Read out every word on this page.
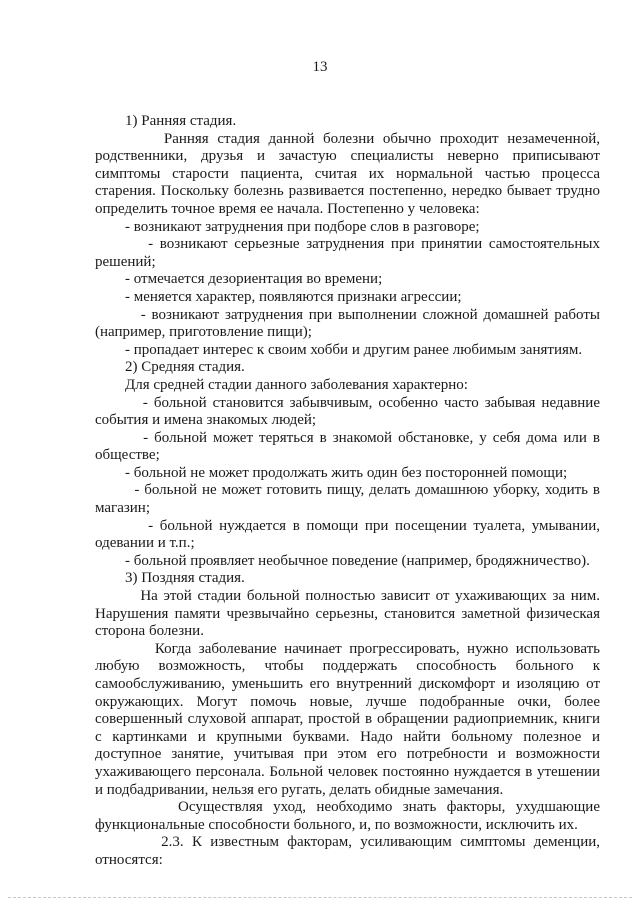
13
1) Ранняя стадия.
Ранняя стадия данной болезни обычно проходит незамеченной,
родственники, друзья и зачастую специалисты неверно приписывают
симптомы старости пациента, считая их нормальной частью процесса
старения. Поскольку болезнь развивается постепенно, нередко бывает трудно
определить точное время ее начала. Постепенно у человека:
- возникают затруднения при подборе слов в разговоре;
- возникают серьезные затруднения при принятии самостоятельных
решений;
- отмечается дезориентация во времени;
- меняется характер, появляются признаки агрессии;
- возникают затруднения при выполнении сложной домашней работы
(например, приготовление пищи);
- пропадает интерес к своим хобби и другим ранее любимым занятиям.
2) Средняя стадия.
Для средней стадии данного заболевания характерно:
- больной становится забывчивым, особенно часто забывая недавние
события и имена знакомых людей;
- больной может теряться в знакомой обстановке, у себя дома или в
обществе;
- больной не может продолжать жить один без посторонней помощи;
- больной не может готовить пищу, делать домашнюю уборку, ходить в
магазин;
- больной нуждается в помощи при посещении туалета, умывании,
одевании и т.п.;
- больной проявляет необычное поведение (например, бродяжничество).
3) Поздняя стадия.
На этой стадии больной полностью зависит от ухаживающих за ним.
Нарушения памяти чрезвычайно серьезны, становится заметной физическая
сторона болезни.
Когда заболевание начинает прогрессировать, нужно использовать
любую возможность, чтобы поддержать способность больного к
самообслуживанию, уменьшить его внутренний дискомфорт и изоляцию от
окружающих. Могут помочь новые, лучше подобранные очки, более
совершенный слуховой аппарат, простой в обращении радиоприемник, книги
с картинками и крупными буквами. Надо найти больному полезное и
доступное занятие, учитывая при этом его потребности и возможности
ухаживающего персонала. Больной человек постоянно нуждается в утешении
и подбадривании, нельзя его ругать, делать обидные замечания.
Осуществляя уход, необходимо знать факторы, ухудшающие
функциональные способности больного, и, по возможности, исключить их.
2.3. К известным факторам, усиливающим симптомы деменции,
относятся:
